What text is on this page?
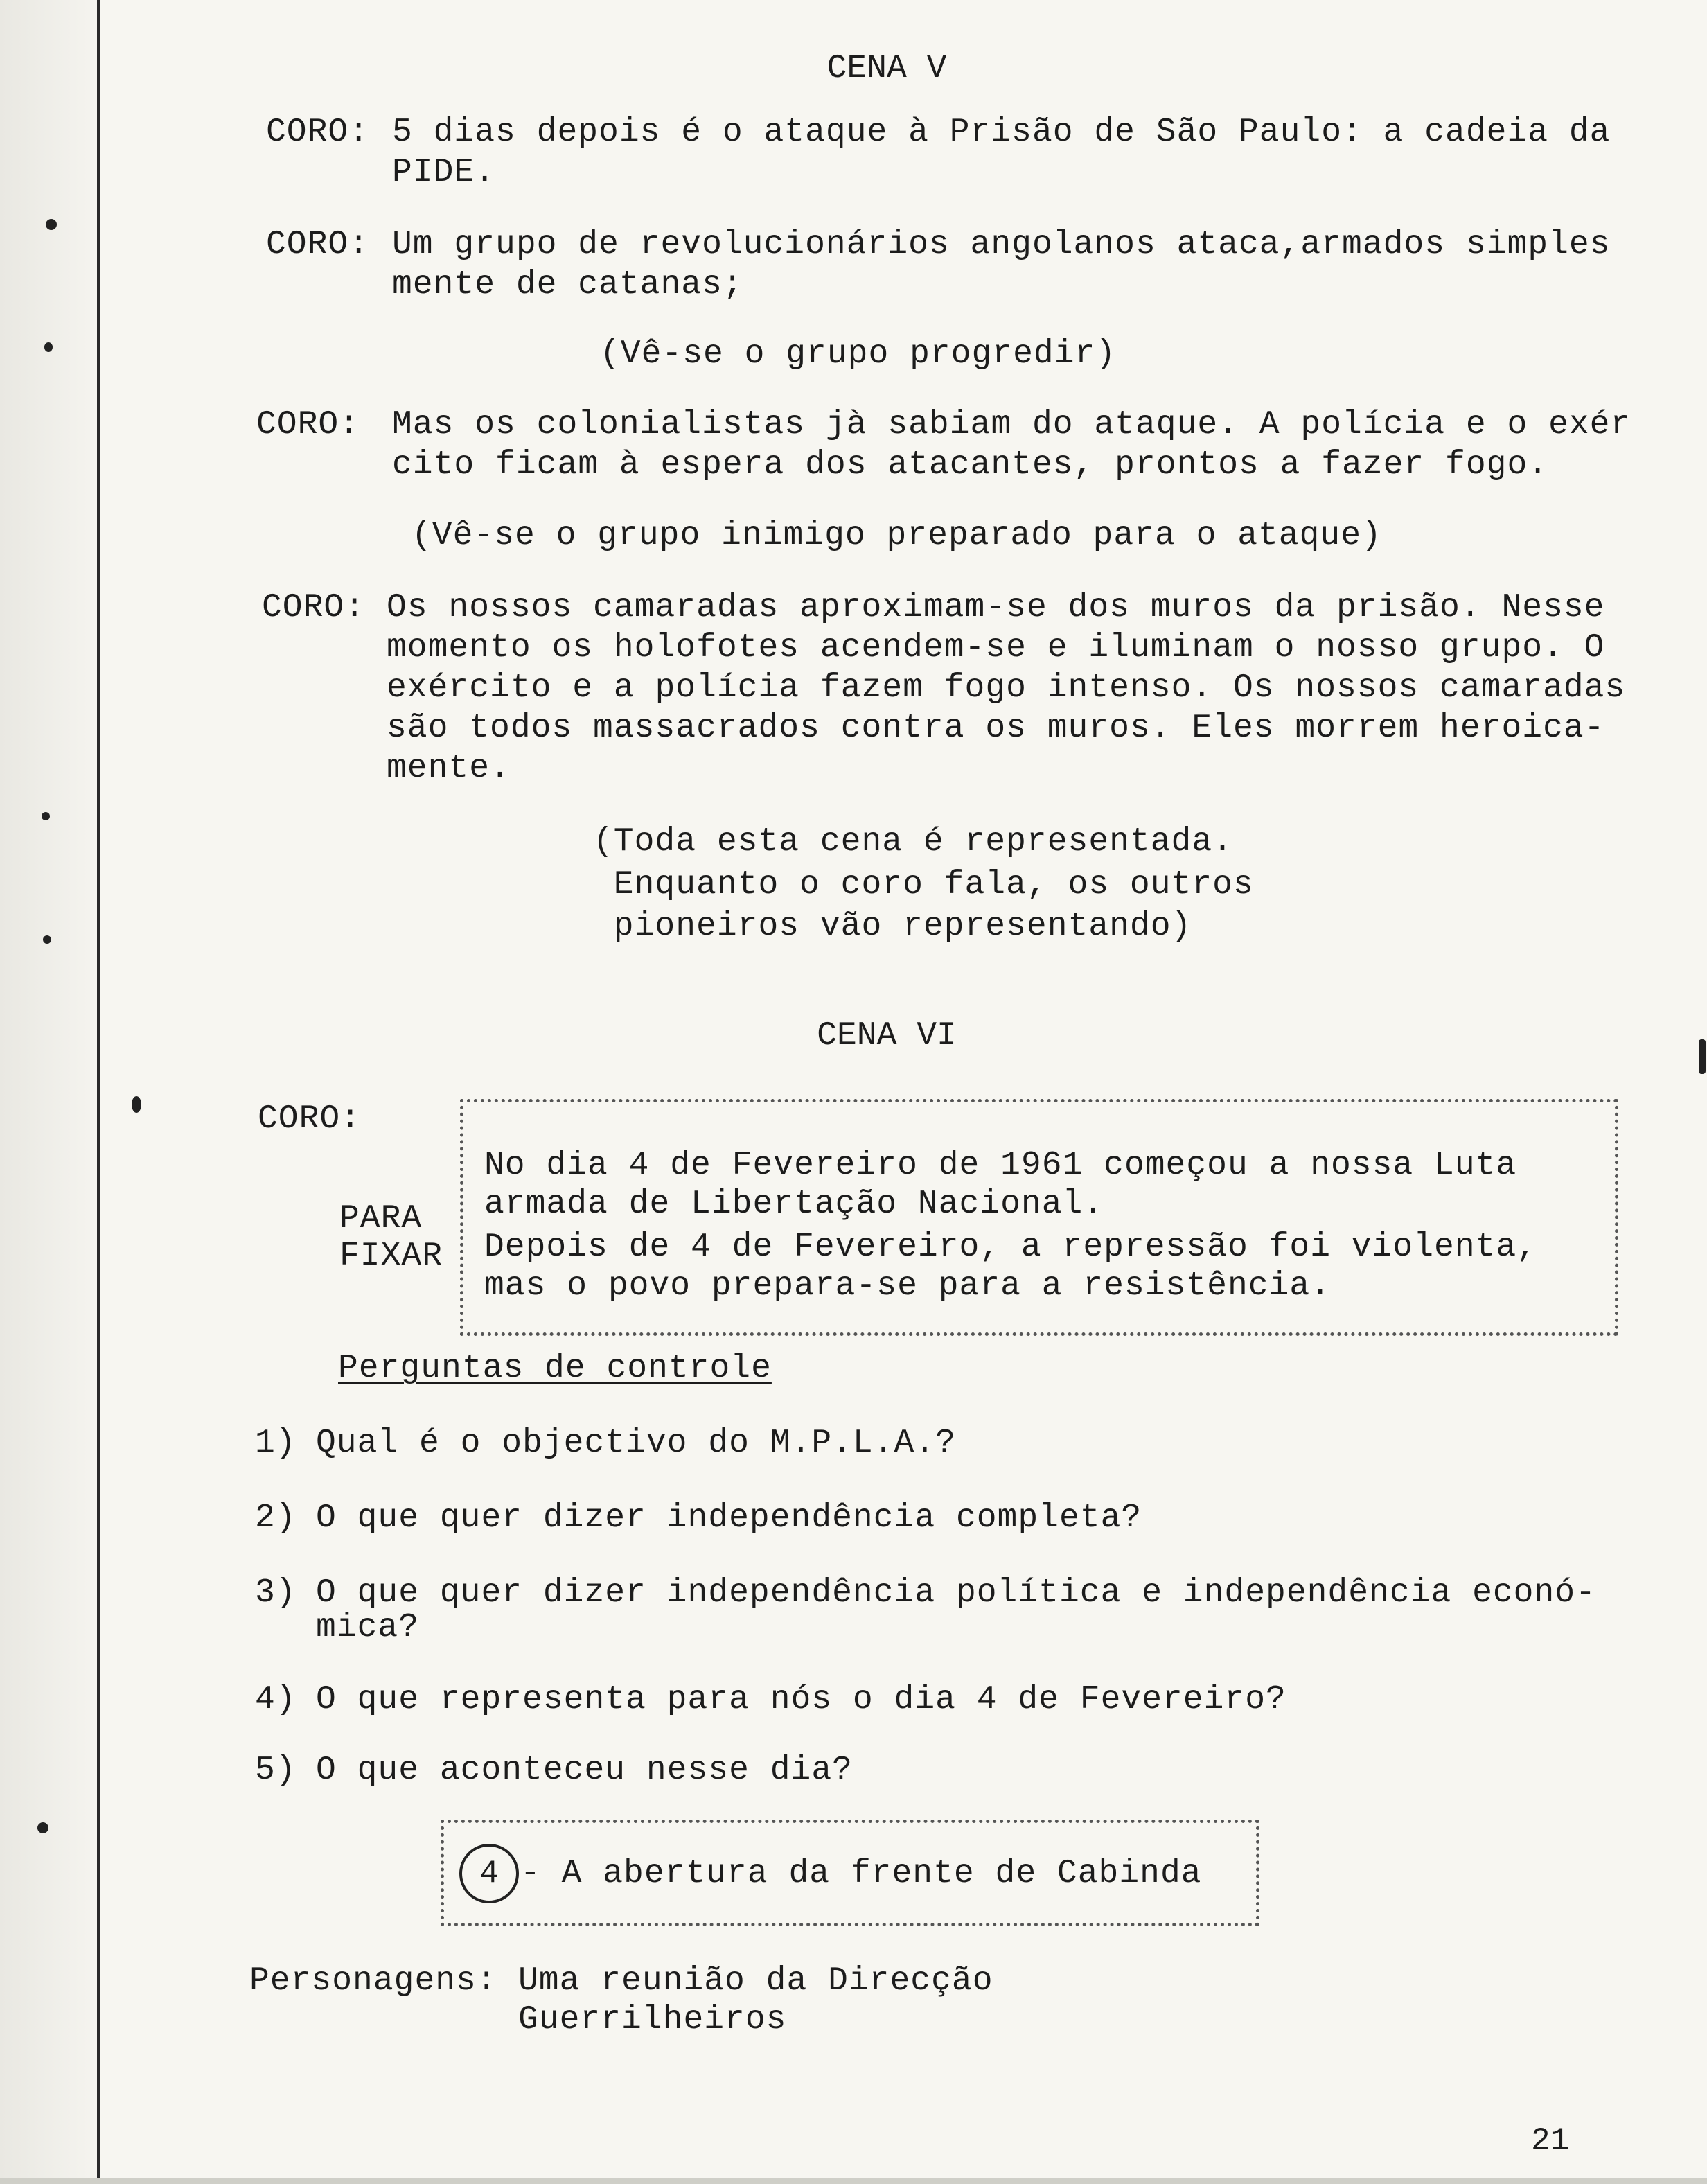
CENA V
CORO: 5 dias depois é o ataque à Prisão de São Paulo: a cadeia da
PIDE.
CORO: Um grupo de revolucionários angolanos ataca,armados simples
mente de catanas;
(Vê-se o grupo progredir)
CORO: Mas os colonialistas jà sabiam do ataque. A polícia e o exér
cito ficam à espera dos atacantes, prontos a fazer fogo.
(Vê-se o grupo inimigo preparado para o ataque)
CORO: Os nossos camaradas aproximam-se dos muros da prisão. Nesse
momento os holofotes acendem-se e iluminam o nosso grupo. O
exército e a polícia fazem fogo intenso. Os nossos camaradas
são todos massacrados contra os muros. Eles morrem heroica-
mente.
(Toda esta cena é representada.
Enquanto o coro fala, os outros
pioneiros vão representando)
CENA VI
CORO:
PARA
FIXAR
No dia 4 de Fevereiro de 1961 começou a nossa Luta
armada de Libertação Nacional.
Depois de 4 de Fevereiro, a repressão foi violenta,
mas o povo prepara-se para a resistência.
Perguntas de controle
1) Qual é o objectivo do M.P.L.A.?
2) O que quer dizer independência completa?
3) O que quer dizer independência política e independência econó-
mica?
4) O que representa para nós o dia 4 de Fevereiro?
5) O que aconteceu nesse dia?
4 - A abertura da frente de Cabinda
Personagens: Uma reunião da Direcção
Guerrilheiros
21
